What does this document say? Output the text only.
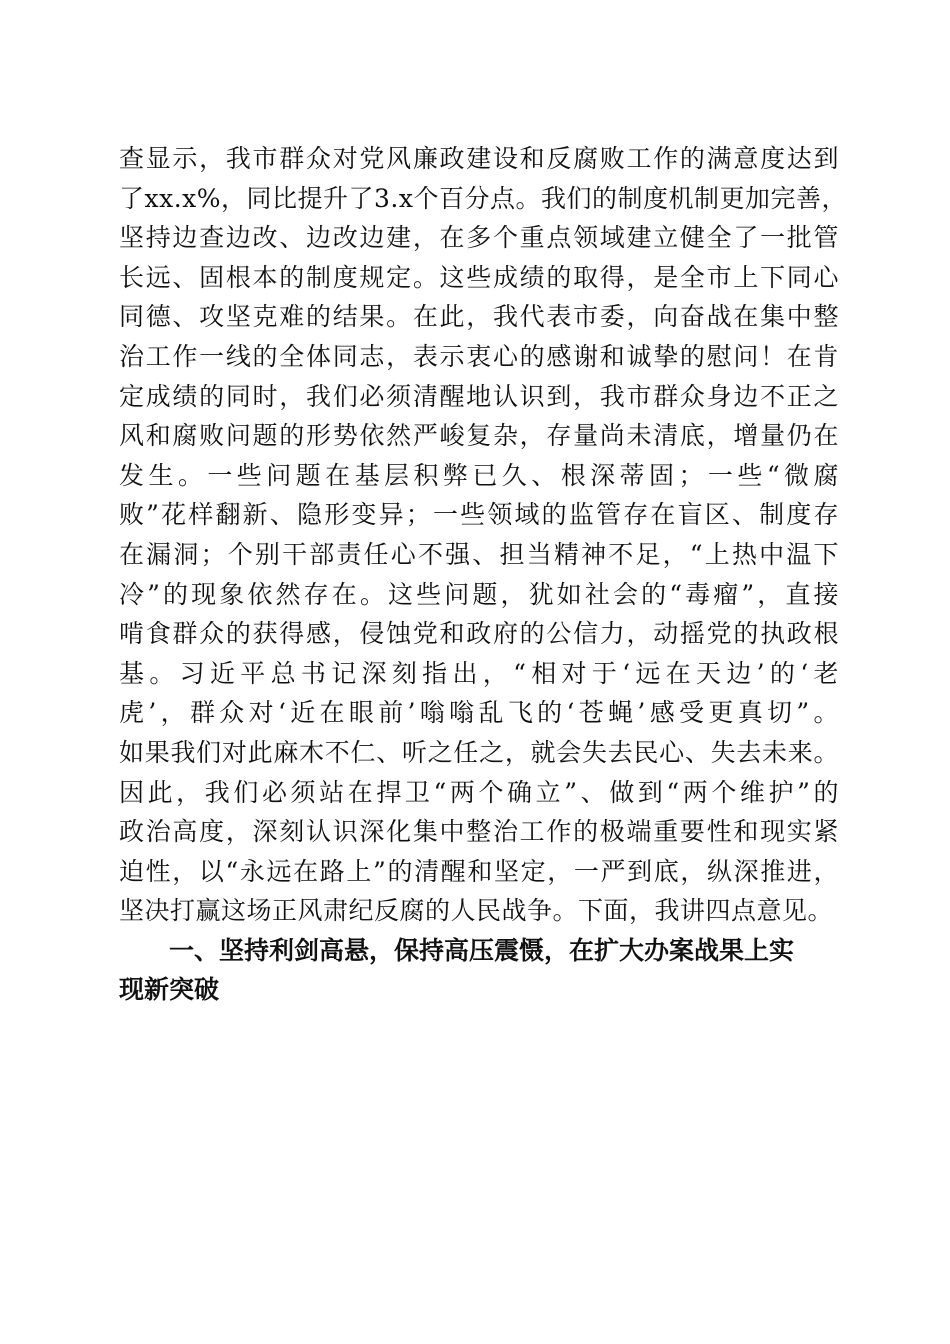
查显示，我市群众对党风廉政建设和反腐败工作的满意度达到
了xx.x%，同比提升了3.x个百分点。我们的制度机制更加完善，
坚持边查边改、边改边建，在多个重点领域建立健全了一批管
长远、固根本的制度规定。这些成绩的取得，是全市上下同心
同德、攻坚克难的结果。在此，我代表市委，向奋战在集中整
治工作一线的全体同志，表示衷心的感谢和诚挚的慰问！在肯
定成绩的同时，我们必须清醒地认识到，我市群众身边不正之
风和腐败问题的形势依然严峻复杂，存量尚未清底，增量仍在
发生。一些问题在基层积弊已久、根深蒂固；一些“微腐
败”花样翻新、隐形变异；一些领域的监管存在盲区、制度存
在漏洞；个别干部责任心不强、担当精神不足，“上热中温下
冷”的现象依然存在。这些问题，犹如社会的“毒瘤”，直接
啃食群众的获得感，侵蚀党和政府的公信力，动摇党的执政根
基。习近平总书记深刻指出，“相对于‘远在天边’的‘老
虎’，群众对‘近在眼前’嗡嗡乱飞的‘苍蝇’感受更真切”。
如果我们对此麻木不仁、听之任之，就会失去民心、失去未来。
因此，我们必须站在捍卫“两个确立”、做到“两个维护”的
政治高度，深刻认识深化集中整治工作的极端重要性和现实紧
迫性，以“永远在路上”的清醒和坚定，一严到底，纵深推进，
坚决打赢这场正风肃纪反腐的人民战争。下面，我讲四点意见。
一、坚持利剑高悬，保持高压震慑，在扩大办案战果上实
现新突破
